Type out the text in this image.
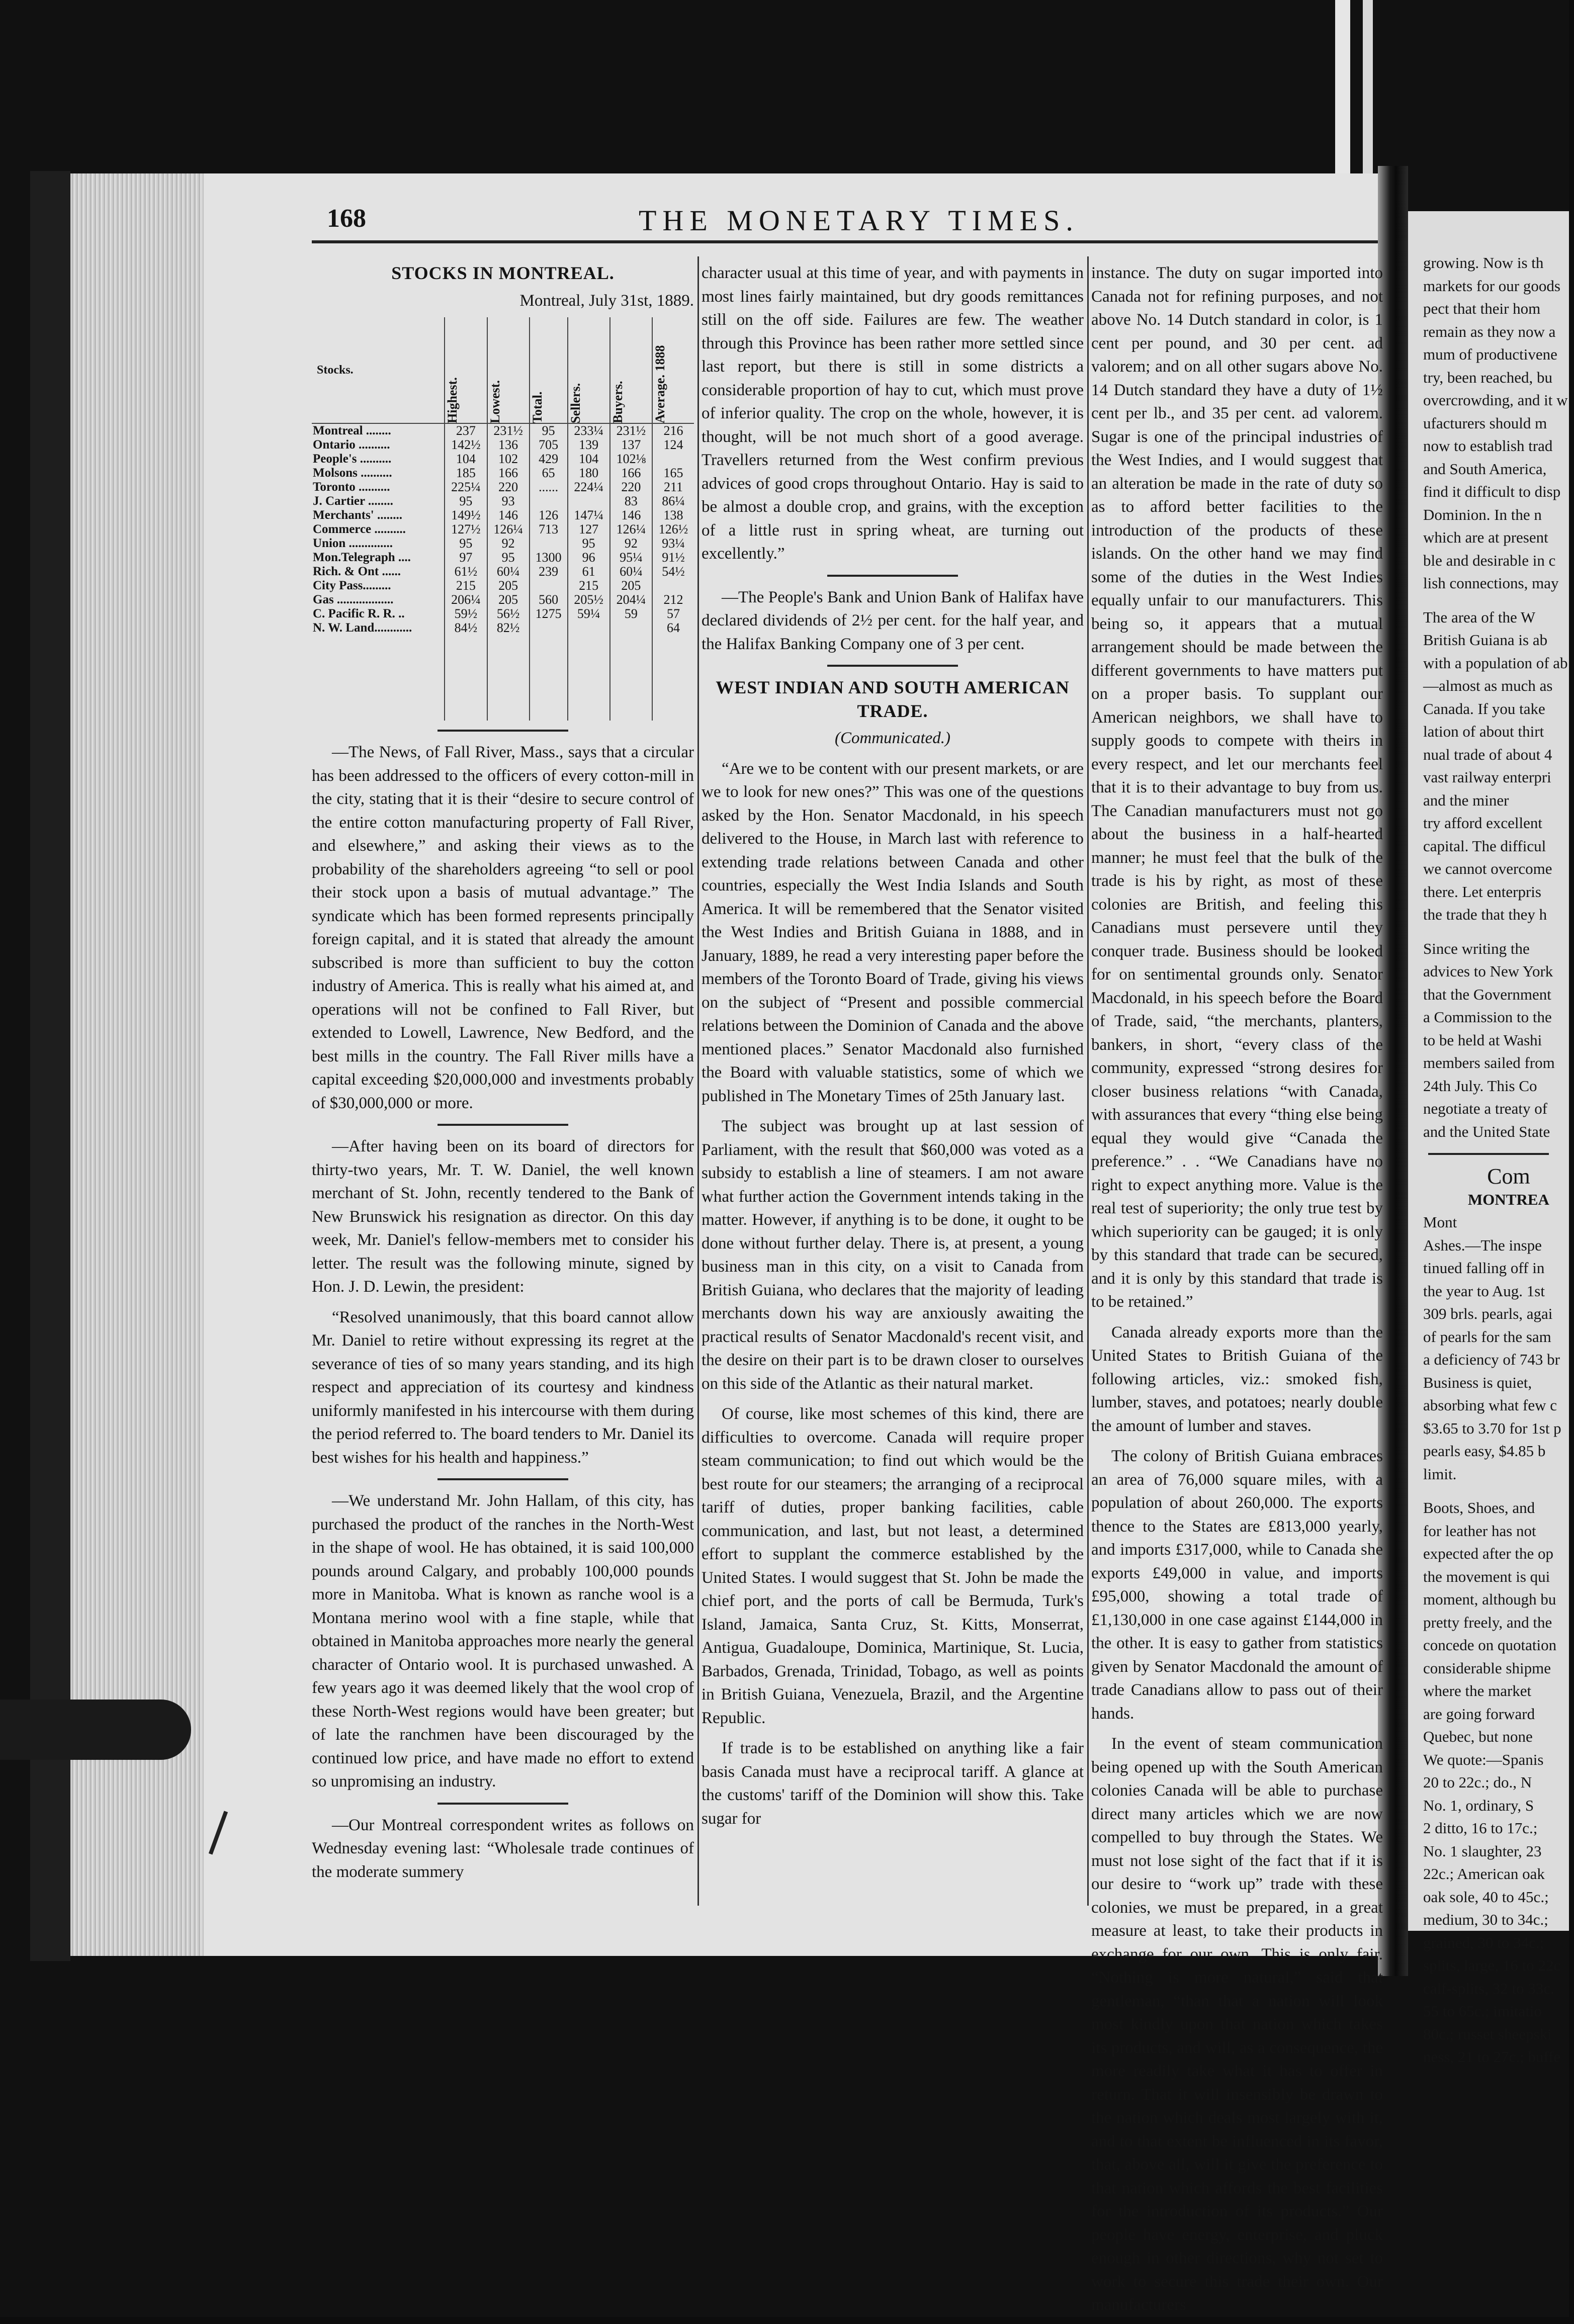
168	THE MONETARY TIMES.
STOCKS IN MONTREAL.
Montreal, July 31st, 1889.
Stocks.	Highest.	Lowest.	Total.	Sellers.	Buyers.	Average. 1888
Montreal ........	237	231½	95	233¼	231½	216
Ontario ..........	142½	136	705	139	137	124
People's ..........	104	102	429	104	102⅛	
Molsons ..........	185	166	65	180	166	165
Toronto ..........	225¼	220	......	224¼	220	211
J. Cartier ........	95	93			83	86¼
Merchants' ........	149½	146	126	147¼	146	138
Commerce ..........	127½	126¼	713	127	126¼	126½
Union ..............	95	92		95	92	93¼
Mon.Telegraph ....	97	95	1300	96	95¼	91½
Rich. & Ont ......	61½	60¼	239	61	60¼	54½
City Pass.........	215	205		215	205	
Gas ..................	206¼	205	560	205½	204¼	212
C. Pacific R. R. ..	59½	56½	1275	59¼	59	57
N. W. Land............	84½	82½				64

—The News, of Fall River, Mass., says that a circular has been addressed to the officers of every cotton-mill in the city, stating that it is their “desire to secure control of the entire cotton manufacturing property of Fall River, and elsewhere,” and asking their views as to the probability of the shareholders agreeing “to sell or pool their stock upon a basis of mutual advantage.” The syndicate which has been formed represents principally foreign capital, and it is stated that already the amount subscribed is more than sufficient to buy the cotton industry of America. This is really what his aimed at, and operations will not be confined to Fall River, but extended to Lowell, Lawrence, New Bedford, and the best mills in the country. The Fall River mills have a capital exceeding $20,000,000 and investments probably of $30,000,000 or more.

—After having been on its board of directors for thirty-two years, Mr. T. W. Daniel, the well known merchant of St. John, recently tendered to the Bank of New Brunswick his resignation as director. On this day week, Mr. Daniel's fellow-members met to consider his letter. The result was the following minute, signed by Hon. J. D. Lewin, the president:

“Resolved unanimously, that this board cannot allow Mr. Daniel to retire without expressing its regret at the severance of ties of so many years standing, and its high respect and appreciation of its courtesy and kindness uniformly manifested in his intercourse with them during the period referred to. The board tenders to Mr. Daniel its best wishes for his health and happiness.”

—We understand Mr. John Hallam, of this city, has purchased the product of the ranches in the North-West in the shape of wool. He has obtained, it is said 100,000 pounds around Calgary, and probably 100,000 pounds more in Manitoba. What is known as ranche wool is a Montana merino wool with a fine staple, while that obtained in Manitoba approaches more nearly the general character of Ontario wool. It is purchased unwashed. A few years ago it was deemed likely that the wool crop of these North-West regions would have been greater; but of late the ranchmen have been discouraged by the continued low price, and have made no effort to extend so unpromising an industry.

—Our Montreal correspondent writes as follows on Wednesday evening last: “Wholesale trade continues of the moderate summery

character usual at this time of year, and with payments in most lines fairly maintained, but dry goods remittances still on the off side. Failures are few. The weather through this Province has been rather more settled since last report, but there is still in some districts a considerable proportion of hay to cut, which must prove of inferior quality. The crop on the whole, however, it is thought, will be not much short of a good average. Travellers returned from the West confirm previous advices of good crops throughout Ontario. Hay is said to be almost a double crop, and grains, with the exception of a little rust in spring wheat, are turning out excellently.”

—The People's Bank and Union Bank of Halifax have declared dividends of 2½ per cent. for the half year, and the Halifax Banking Company one of 3 per cent.

WEST INDIAN AND SOUTH AMERICAN TRADE.
(Communicated.)

“Are we to be content with our present markets, or are we to look for new ones?” This was one of the questions asked by the Hon. Senator Macdonald, in his speech delivered to the House, in March last with reference to extending trade relations between Canada and other countries, especially the West India Islands and South America. It will be remembered that the Senator visited the West Indies and British Guiana in 1888, and in January, 1889, he read a very interesting paper before the members of the Toronto Board of Trade, giving his views on the subject of “Present and possible commercial relations between the Dominion of Canada and the above mentioned places.” Senator Macdonald also furnished the Board with valuable statistics, some of which we published in The Monetary Times of 25th January last.

The subject was brought up at last session of Parliament, with the result that $60,000 was voted as a subsidy to establish a line of steamers. I am not aware what further action the Government intends taking in the matter. However, if anything is to be done, it ought to be done without further delay. There is, at present, a young business man in this city, on a visit to Canada from British Guiana, who declares that the majority of leading merchants down his way are anxiously awaiting the practical results of Senator Macdonald's recent visit, and the desire on their part is to be drawn closer to ourselves on this side of the Atlantic as their natural market.

Of course, like most schemes of this kind, there are difficulties to overcome. Canada will require proper steam communication; to find out which would be the best route for our steamers; the arranging of a reciprocal tariff of duties, proper banking facilities, cable communication, and last, but not least, a determined effort to supplant the commerce established by the United States. I would suggest that St. John be made the chief port, and the ports of call be Bermuda, Turk's Island, Jamaica, Santa Cruz, St. Kitts, Monserrat, Antigua, Guadaloupe, Dominica, Martinique, St. Lucia, Barbados, Grenada, Trinidad, Tobago, as well as points in British Guiana, Venezuela, Brazil, and the Argentine Republic.

If trade is to be established on anything like a fair basis Canada must have a reciprocal tariff. A glance at the customs' tariff of the Dominion will show this. Take sugar for

instance. The duty on sugar imported into Canada not for refining purposes, and not above No. 14 Dutch standard in color, is 1 cent per pound, and 30 per cent. ad valorem; and on all other sugars above No. 14 Dutch standard they have a duty of 1½ cent per lb., and 35 per cent. ad valorem. Sugar is one of the principal industries of the West Indies, and I would suggest that an alteration be made in the rate of duty so as to afford better facilities to the introduction of the products of these islands. On the other hand we may find some of the duties in the West Indies equally unfair to our manufacturers. This being so, it appears that a mutual arrangement should be made between the different governments to have matters put on a proper basis. To supplant our American neighbors, we shall have to supply goods to compete with theirs in every respect, and let our merchants feel that it is to their advantage to buy from us. The Canadian manufacturers must not go about the business in a half-hearted manner; he must feel that the bulk of the trade is his by right, as most of these colonies are British, and feeling this Canadians must persevere until they conquer trade. Business should be looked for on sentimental grounds only. Senator Macdonald, in his speech before the Board of Trade, said, “the merchants, planters, bankers, in short, “every class of the community, expressed “strong desires for closer business relations “with Canada, with assurances that every “thing else being equal they would give “Canada the preference.” . . “We Canadians have no right to expect anything more. Value is the real test of superiority; the only true test by which superiority can be gauged; it is only by this standard that trade can be secured, and it is only by this standard that trade is to be retained.”

Canada already exports more than the United States to British Guiana of the following articles, viz.: smoked fish, lumber, staves, and potatoes; nearly double the amount of lumber and staves.

The colony of British Guiana embraces an area of 76,000 square miles, with a population of about 260,000. The exports thence to the States are £813,000 yearly, and imports £317,000, while to Canada she exports £49,000 in value, and imports £95,000, showing a total trade of £1,130,000 in one case against £144,000 in the other. It is easy to gather from statistics given by Senator Macdonald the amount of trade Canadians allow to pass out of their hands.

In the event of steam communication being opened up with the South American colonies Canada will be able to purchase direct many articles which we are now compelled to buy through the States. We must not lose sight of the fact that if it is our desire to “work up” trade with these colonies, we must be prepared, in a great measure at least, to take their products in exchange for our own. This is only fair. “Nothing is more natural,” said that gentleman, “than that a nation will look most kindly upon that nation which takes its products, and will, as a consequence, the more readily take what it has to offer in return. That it will insensibly be drawn to the nation which deals most largely with it, and to that extent be influenced in its favor, that, above all, will it give the preference to that nation which affords the best facilities for the introduction of its products.” Our people have energy, enterprise, and pluck enough in other directions, why not set to work to secure this trade their own. Our manufacturers

growing. Now is th
markets for our goods
pect that their hom
remain as they now a
mum of productivene
try, been reached, bu
overcrowding, and it w
ufacturers should m
now to establish trad
and South America,
find it difficult to disp
Dominion. In the n
which are at present
ble and desirable in c
lish connections, may
The area of the W
British Guiana is ab
with a population of ab
—almost as much as
Canada. If you take
lation of about thirt
nual trade of about 4
vast railway enterpri
and the miner
try afford excellent
capital. The difficul
we cannot overcome
there. Let enterpris
the trade that they h
Since writing the
advices to New York
that the Government
a Commission to the
to be held at Washi
members sailed from
24th July. This Co
negotiate a treaty of
and the United State
Com
MONTREA
Mont
Ashes.—The inspe
tinued falling off in
the year to Aug. 1st
309 brls. pearls, agai
of pearls for the sam
a deficiency of 743 br
Business is quiet,
absorbing what few c
$3.65 to 3.70 for 1st p
pearls easy, $4.85 b
limit.
Boots, Shoes, and
for leather has not
expected after the op
the movement is qui
moment, although bu
pretty freely, and the
concede on quotation
considerable shipme
where the market
are going forward
Quebec, but none
We quote:—Spanis
20 to 22c.; do., N
No. 1, ordinary, S
2 ditto, 16 to 17c.;
No. 1 slaughter, 23
22c.; American oak
oak sole, 40 to 45c.;
medium, 30 to 34c.;
grained, 30 to 34c.;
splits, large, 16 to 22c
calf-splits, 32 to 33c.
55 to 65c.; imitatio
80c.; russet sheepski
ness, 21 to 27c.; buffe
